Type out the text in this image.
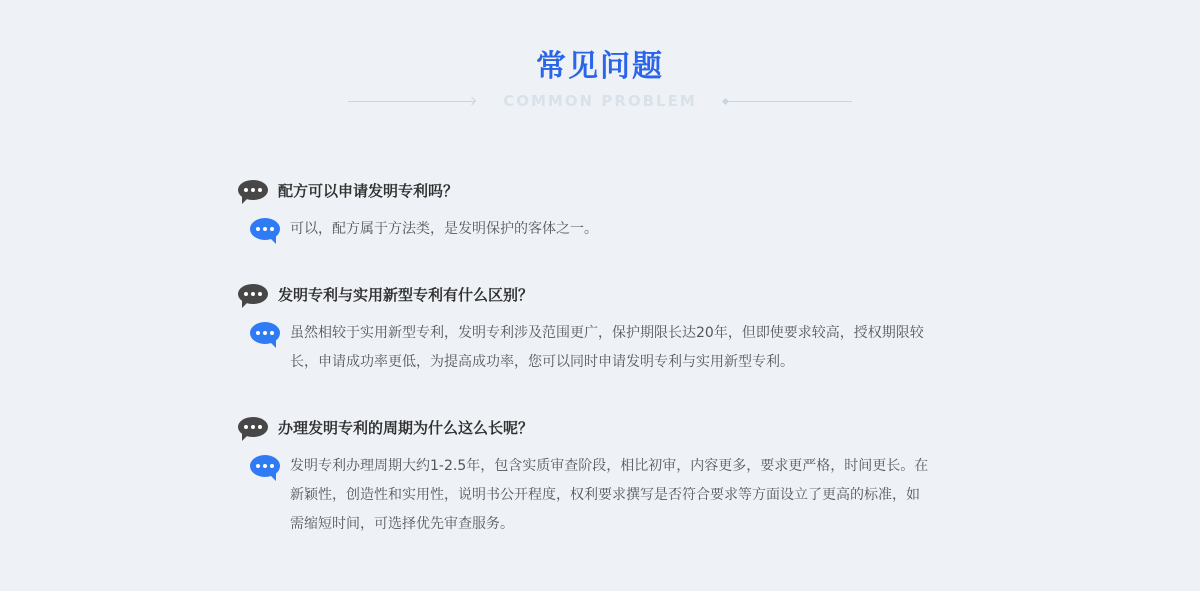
常见问题
COMMON PROBLEM
配方可以申请发明专利吗？

可以，配方属于方法类，是发明保护的客体之一。

发明专利与实用新型专利有什么区别？

虽然相较于实用新型专利，发明专利涉及范围更广，保护期限长达20年，但即使要求较高，授权期限较长，申请成功率更低，为提高成功率，您可以同时申请发明专利与实用新型专利。

办理发明专利的周期为什么这么长呢？

发明专利办理周期大约1-2.5年，包含实质审查阶段，相比初审，内容更多，要求更严格，时间更长。在新颖性，创造性和实用性，说明书公开程度，权利要求撰写是否符合要求等方面设立了更高的标准，如需缩短时间，可选择优先审查服务。
